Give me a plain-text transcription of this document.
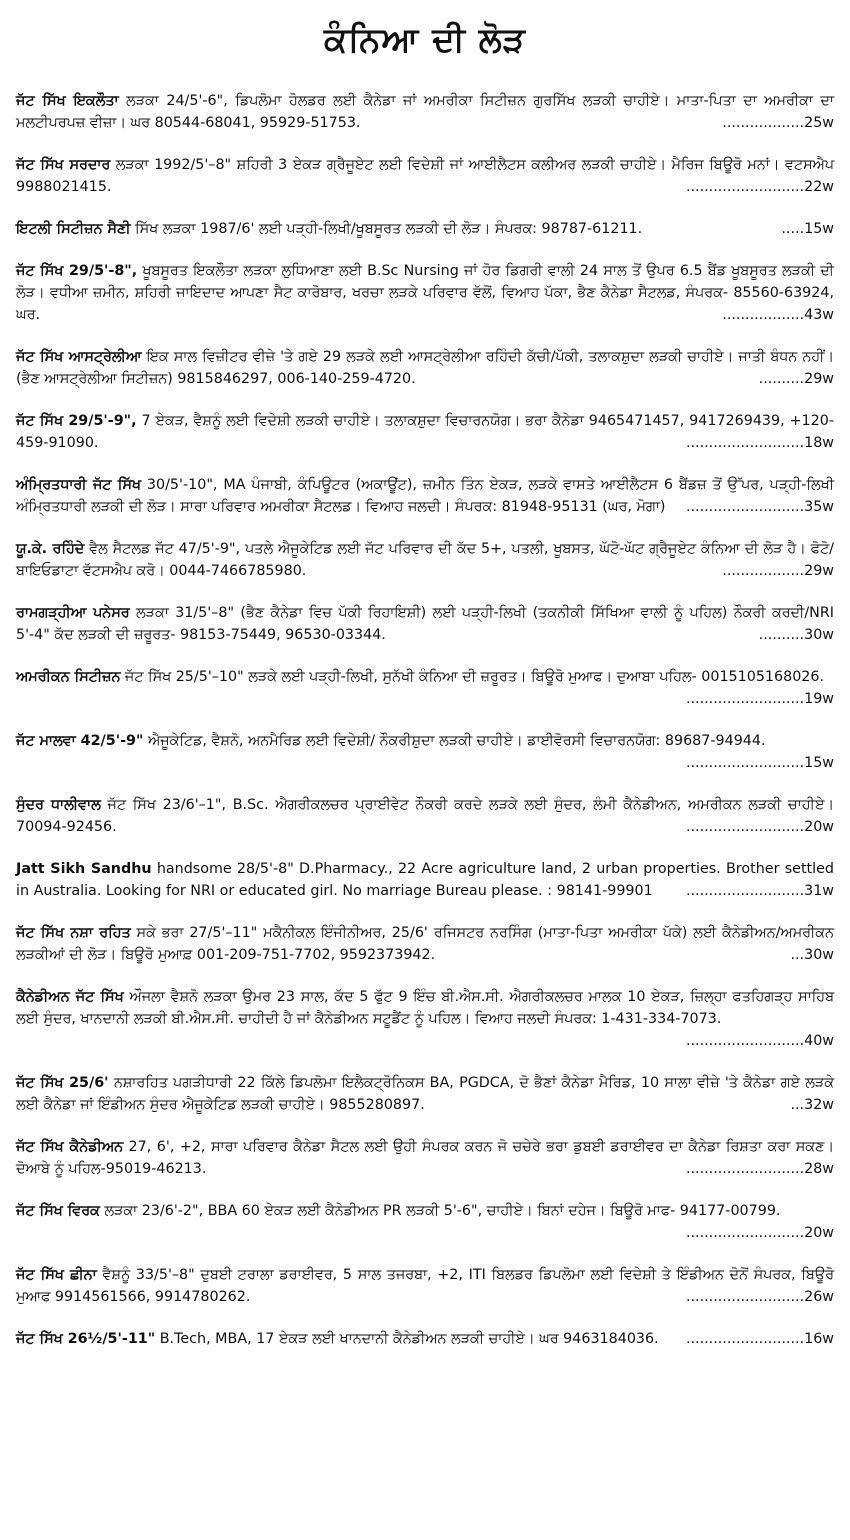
ਕੰਨਿਆ ਦੀ ਲੋੜ
ਜੱਟ ਸਿੱਖ ਇਕਲੌਤਾ ਲੜਕਾ 24/5'-6", ਡਿਪਲੋਮਾ ਹੋਲਡਰ ਲਈ ਕੈਨੇਡਾ ਜਾਂ ਅਮਰੀਕਾ ਸਿਟੀਜ਼ਨ ਗੁਰਸਿੱਖ ਲੜਕੀ ਚਾਹੀਏ। ਮਾਤਾ-ਪਿਤਾ ਦਾ ਅਮਰੀਕਾ ਦਾ ਮਲਟੀਪਰਪਜ਼ ਵੀਜ਼ਾ। ਘਰ 80544-68041, 95929-51753.	..................25w
ਜੱਟ ਸਿੱਖ ਸਰਦਾਰ ਲੜਕਾ 1992/5'–8" ਸ਼ਹਿਰੀ 3 ਏਕੜ ਗ੍ਰੈਜੂਏਟ ਲਈ ਵਿਦੇਸ਼ੀ ਜਾਂ ਆਈਲੈਟਸ ਕਲੀਅਰ ਲੜਕੀ ਚਾਹੀਏ। ਮੈਰਿਜ ਬਿਊਰੋ ਮਨਾਂ। ਵਟਸਐਪ 9988021415.	..........................22w
ਇਟਲੀ ਸਿਟੀਜ਼ਨ ਸੈਣੀ ਸਿੱਖ ਲੜਕਾ 1987/6' ਲਈ ਪੜ੍ਹੀ-ਲਿਖੀ/ਖੂਬਸੂਰਤ ਲੜਕੀ ਦੀ ਲੋੜ। ਸੰਪਰਕ: 98787-61211.	.....15w
ਜੱਟ ਸਿੱਖ 29/5'-8", ਖੂਬਸੂਰਤ ਇਕਲੌਤਾ ਲੜਕਾ ਲੁਧਿਆਣਾ ਲਈ B.Sc Nursing ਜਾਂ ਹੋਰ ਡਿਗਰੀ ਵਾਲੀ 24 ਸਾਲ ਤੋਂ ਉਪਰ 6.5 ਬੈਂਡ ਖੂਬਸੂਰਤ ਲੜਕੀ ਦੀ ਲੋੜ। ਵਧੀਆ ਜ਼ਮੀਨ, ਸ਼ਹਿਰੀ ਜਾਇਦਾਦ ਆਪਣਾ ਸੈਟ ਕਾਰੋਬਾਰ, ਖਰਚਾ ਲੜਕੇ ਪਰਿਵਾਰ ਵੱਲੋਂ, ਵਿਆਹ ਪੱਕਾ, ਭੈਣ ਕੈਨੇਡਾ ਸੈਟਲਡ, ਸੰਪਰਕ- 85560-63924, ਘਰ.	..................43w
ਜੱਟ ਸਿੱਖ ਆਸਟ੍ਰੇਲੀਆ ਇਕ ਸਾਲ ਵਿਜ਼ੀਟਰ ਵੀਜ਼ੇ 'ਤੇ ਗਏ 29 ਲੜਕੇ ਲਈ ਆਸਟ੍ਰੇਲੀਆ ਰਹਿੰਦੀ ਕੱਚੀ/ਪੱਕੀ, ਤਲਾਕਸ਼ੁਦਾ ਲੜਕੀ ਚਾਹੀਏ। ਜਾਤੀ ਬੰਧਨ ਨਹੀਂ। (ਭੈਣ ਆਸਟ੍ਰੇਲੀਆ ਸਿਟੀਜ਼ਨ) 9815846297, 006-140-259-4720.	..........29w
ਜੱਟ ਸਿੱਖ 29/5'-9", 7 ਏਕੜ, ਵੈਸ਼ਨੂੰ ਲਈ ਵਿਦੇਸ਼ੀ ਲੜਕੀ ਚਾਹੀਏ। ਤਲਾਕਸ਼ੁਦਾ ਵਿਚਾਰਨਯੋਗ। ਭਰਾ ਕੈਨੇਡਾ 9465471457, 9417269439, +120-459-91090.	..........................18w
ਅੰਮ੍ਰਿਤਧਾਰੀ ਜੱਟ ਸਿੱਖ 30/5'-10", MA ਪੰਜਾਬੀ, ਕੰਪਿਊਟਰ (ਅਕਾਊਂਟ), ਜ਼ਮੀਨ ਤਿੰਨ ਏਕੜ, ਲੜਕੇ ਵਾਸਤੇ ਆਈਲੈਟਸ 6 ਬੈਂਡਜ਼ ਤੋਂ ਉੱਪਰ, ਪੜ੍ਹੀ-ਲਿਖੀ ਅੰਮ੍ਰਿਤਧਾਰੀ ਲੜਕੀ ਦੀ ਲੋੜ। ਸਾਰਾ ਪਰਿਵਾਰ ਅਮਰੀਕਾ ਸੈਟਲਡ। ਵਿਆਹ ਜਲਦੀ। ਸੰਪਰਕ: 81948-95131 (ਘਰ, ਮੋਗਾ) ..........................35w
ਯੂ.ਕੇ. ਰਹਿੰਦੇ ਵੈਲ ਸੈਟਲਡ ਜੱਟ 47/5'-9", ਪਤਲੇ ਐਜੂਕੇਟਿਡ ਲਈ ਜੱਟ ਪਰਿਵਾਰ ਦੀ ਕੱਦ 5+, ਪਤਲੀ, ਖੂਬਸਤ, ਘੱਟੋ-ਘੱਟ ਗ੍ਰੈਜੂਏਟ ਕੰਨਿਆ ਦੀ ਲੋੜ ਹੈ। ਫੋਟੋ/ਬਾਇਓਡਾਟਾ ਵੱਟਸਐਪ ਕਰੋ। 0044-7466785980.	..................29w
ਰਾਮਗੜ੍ਹੀਆ ਪਨੇਸਰ ਲੜਕਾ 31/5'–8" (ਭੈਣ ਕੈਨੇਡਾ ਵਿਚ ਪੱਕੀ ਰਿਹਾਇਸ਼ੀ) ਲਈ ਪੜ੍ਹੀ-ਲਿਖੀ (ਤਕਨੀਕੀ ਸਿੱਖਿਆ ਵਾਲੀ ਨੂੰ ਪਹਿਲ) ਨੌਕਰੀ ਕਰਦੀ/NRI 5'-4" ਕੱਦ ਲੜਕੀ ਦੀ ਜ਼ਰੂਰਤ- 98153-75449, 96530-03344.	..........30w
ਅਮਰੀਕਨ ਸਿਟੀਜ਼ਨ ਜੱਟ ਸਿੱਖ 25/5'–10" ਲੜਕੇ ਲਈ ਪੜ੍ਹੀ-ਲਿਖੀ, ਸੁਨੱਖੀ ਕੰਨਿਆ ਦੀ ਜ਼ਰੂਰਤ। ਬਿਊਰੋ ਮੁਆਫ। ਦੁਆਬਾ ਪਹਿਲ- 0015105168026.
..........................19w
ਜੱਟ ਮਾਲਵਾ 42/5'-9" ਐਜੂਕੇਟਿਡ, ਵੈਸ਼ਨੋ, ਅਨਮੈਰਿਡ ਲਈ ਵਿਦੇਸ਼ੀ/ ਨੌਕਰੀਸ਼ੁਦਾ ਲੜਕੀ ਚਾਹੀਏ। ਡਾਈਵੋਰਸੀ ਵਿਚਾਰਨਯੋਗ: 89687-94944.
..........................15w
ਸੁੰਦਰ ਧਾਲੀਵਾਲ ਜੱਟ ਸਿੱਖ 23/6'–1", B.Sc. ਐਗਰੀਕਲਚਰ ਪ੍ਰਾਈਵੇਟ ਨੌਕਰੀ ਕਰਦੇ ਲੜਕੇ ਲਈ ਸੁੰਦਰ, ਲੰਮੀ ਕੈਨੇਡੀਅਨ, ਅਮਰੀਕਨ ਲੜਕੀ ਚਾਹੀਏ। 70094-92456.	..........................20w
Jatt Sikh Sandhu handsome 28/5'-8" D.Pharmacy., 22 Acre agriculture land, 2 urban properties. Brother settled in Australia. Looking for NRI or educated girl. No marriage Bureau please. : 98141-99901 ..........................31w
ਜੱਟ ਸਿੱਖ ਨਸ਼ਾ ਰਹਿਤ ਸਕੇ ਭਰਾ 27/5'–11" ਮਕੈਨੀਕਲ ਇੰਜੀਨੀਅਰ, 25/6' ਰਜਿਸਟਰ ਨਰਸਿੰਗ (ਮਾਤਾ-ਪਿਤਾ ਅਮਰੀਕਾ ਪੱਕੇ) ਲਈ ਕੈਨੇਡੀਅਨ/ਅਮਰੀਕਨ ਲੜਕੀਆਂ ਦੀ ਲੋੜ। ਬਿਊਰੋ ਮੁਆਫ਼ 001-209-751-7702, 9592373942.	...30w
ਕੈਨੇਡੀਅਨ ਜੱਟ ਸਿੱਖ ਔਜਲਾ ਵੈਸ਼ਨੋ ਲੜਕਾ ਉਮਰ 23 ਸਾਲ, ਕੱਦ 5 ਫੁੱਟ 9 ਇੰਚ ਬੀ.ਐਸ.ਸੀ. ਐਗਰੀਕਲਚਰ ਮਾਲਕ 10 ਏਕੜ, ਜ਼ਿਲ੍ਹਾ ਫਤਹਿਗੜ੍ਹ ਸਾਹਿਬ ਲਈ ਸੁੰਦਰ, ਖਾਨਦਾਨੀ ਲੜਕੀ ਬੀ.ਐਸ.ਸੀ. ਚਾਹੀਦੀ ਹੈ ਜਾਂ ਕੈਨੇਡੀਅਨ ਸਟੂਡੈਂਟ ਨੂੰ ਪਹਿਲ। ਵਿਆਹ ਜਲਦੀ ਸੰਪਰਕ: 1-431-334-7073.
..........................40w
ਜੱਟ ਸਿੱਖ 25/6' ਨਸ਼ਾਰਹਿਤ ਪਗੜੀਧਾਰੀ 22 ਕਿੱਲੇ ਡਿਪਲੋਮਾ ਇਲੈਕਟ੍ਰੋਨਿਕਸ BA, PGDCA, ਦੋ ਭੈਣਾਂ ਕੈਨੇਡਾ ਮੈਰਿਡ, 10 ਸਾਲਾ ਵੀਜ਼ੇ 'ਤੇ ਕੈਨੇਡਾ ਗਏ ਲੜਕੇ ਲਈ ਕੈਨੇਡਾ ਜਾਂ ਇੰਡੀਅਨ ਸੁੰਦਰ ਐਜੂਕੇਟਿਡ ਲੜਕੀ ਚਾਹੀਏ। 9855280897.	...32w
ਜੱਟ ਸਿੱਖ ਕੈਨੇਡੀਅਨ 27, 6', +2, ਸਾਰਾ ਪਰਿਵਾਰ ਕੈਨੇਡਾ ਸੈਟਲ ਲਈ ਉਹੀ ਸੰਪਰਕ ਕਰਨ ਜੋ ਚਚੇਰੇ ਭਰਾ ਡੁਬਈ ਡਰਾਈਵਰ ਦਾ ਕੈਨੇਡਾ ਰਿਸ਼ਤਾ ਕਰਾ ਸਕਣ। ਦੋਆਬੇ ਨੂੰ ਪਹਿਲ-95019-46213.	..........................28w
ਜੱਟ ਸਿੱਖ ਵਿਰਕ ਲੜਕਾ 23/6'-2", BBA 60 ਏਕੜ ਲਈ ਕੈਨੇਡੀਅਨ PR ਲੜਕੀ 5'-6", ਚਾਹੀਏ। ਬਿਨਾਂ ਦਹੇਜ। ਬਿਊਰੋ ਮਾਫ- 94177-00799.
..........................20w
ਜੱਟ ਸਿੱਖ ਛੀਨਾ ਵੈਸ਼ਨੂੰ 33/5'–8" ਦੁਬਈ ਟਰਾਲਾ ਡਰਾਈਵਰ, 5 ਸਾਲ ਤਜਰਬਾ, +2, ITI ਬਿਲਡਰ ਡਿਪਲੋਮਾ ਲਈ ਵਿਦੇਸ਼ੀ ਤੇ ਇੰਡੀਅਨ ਦੋਨੋਂ ਸੰਪਰਕ, ਬਿਊਰੋ ਮੁਆਫ 9914561566, 9914780262.	..........................26w
ਜੱਟ ਸਿੱਖ 26½/5'-11" B.Tech, MBA, 17 ਏਕੜ ਲਈ ਖਾਨਦਾਨੀ ਕੈਨੇਡੀਅਨ ਲੜਕੀ ਚਾਹੀਏ। ਘਰ 9463184036. ..........................16w
